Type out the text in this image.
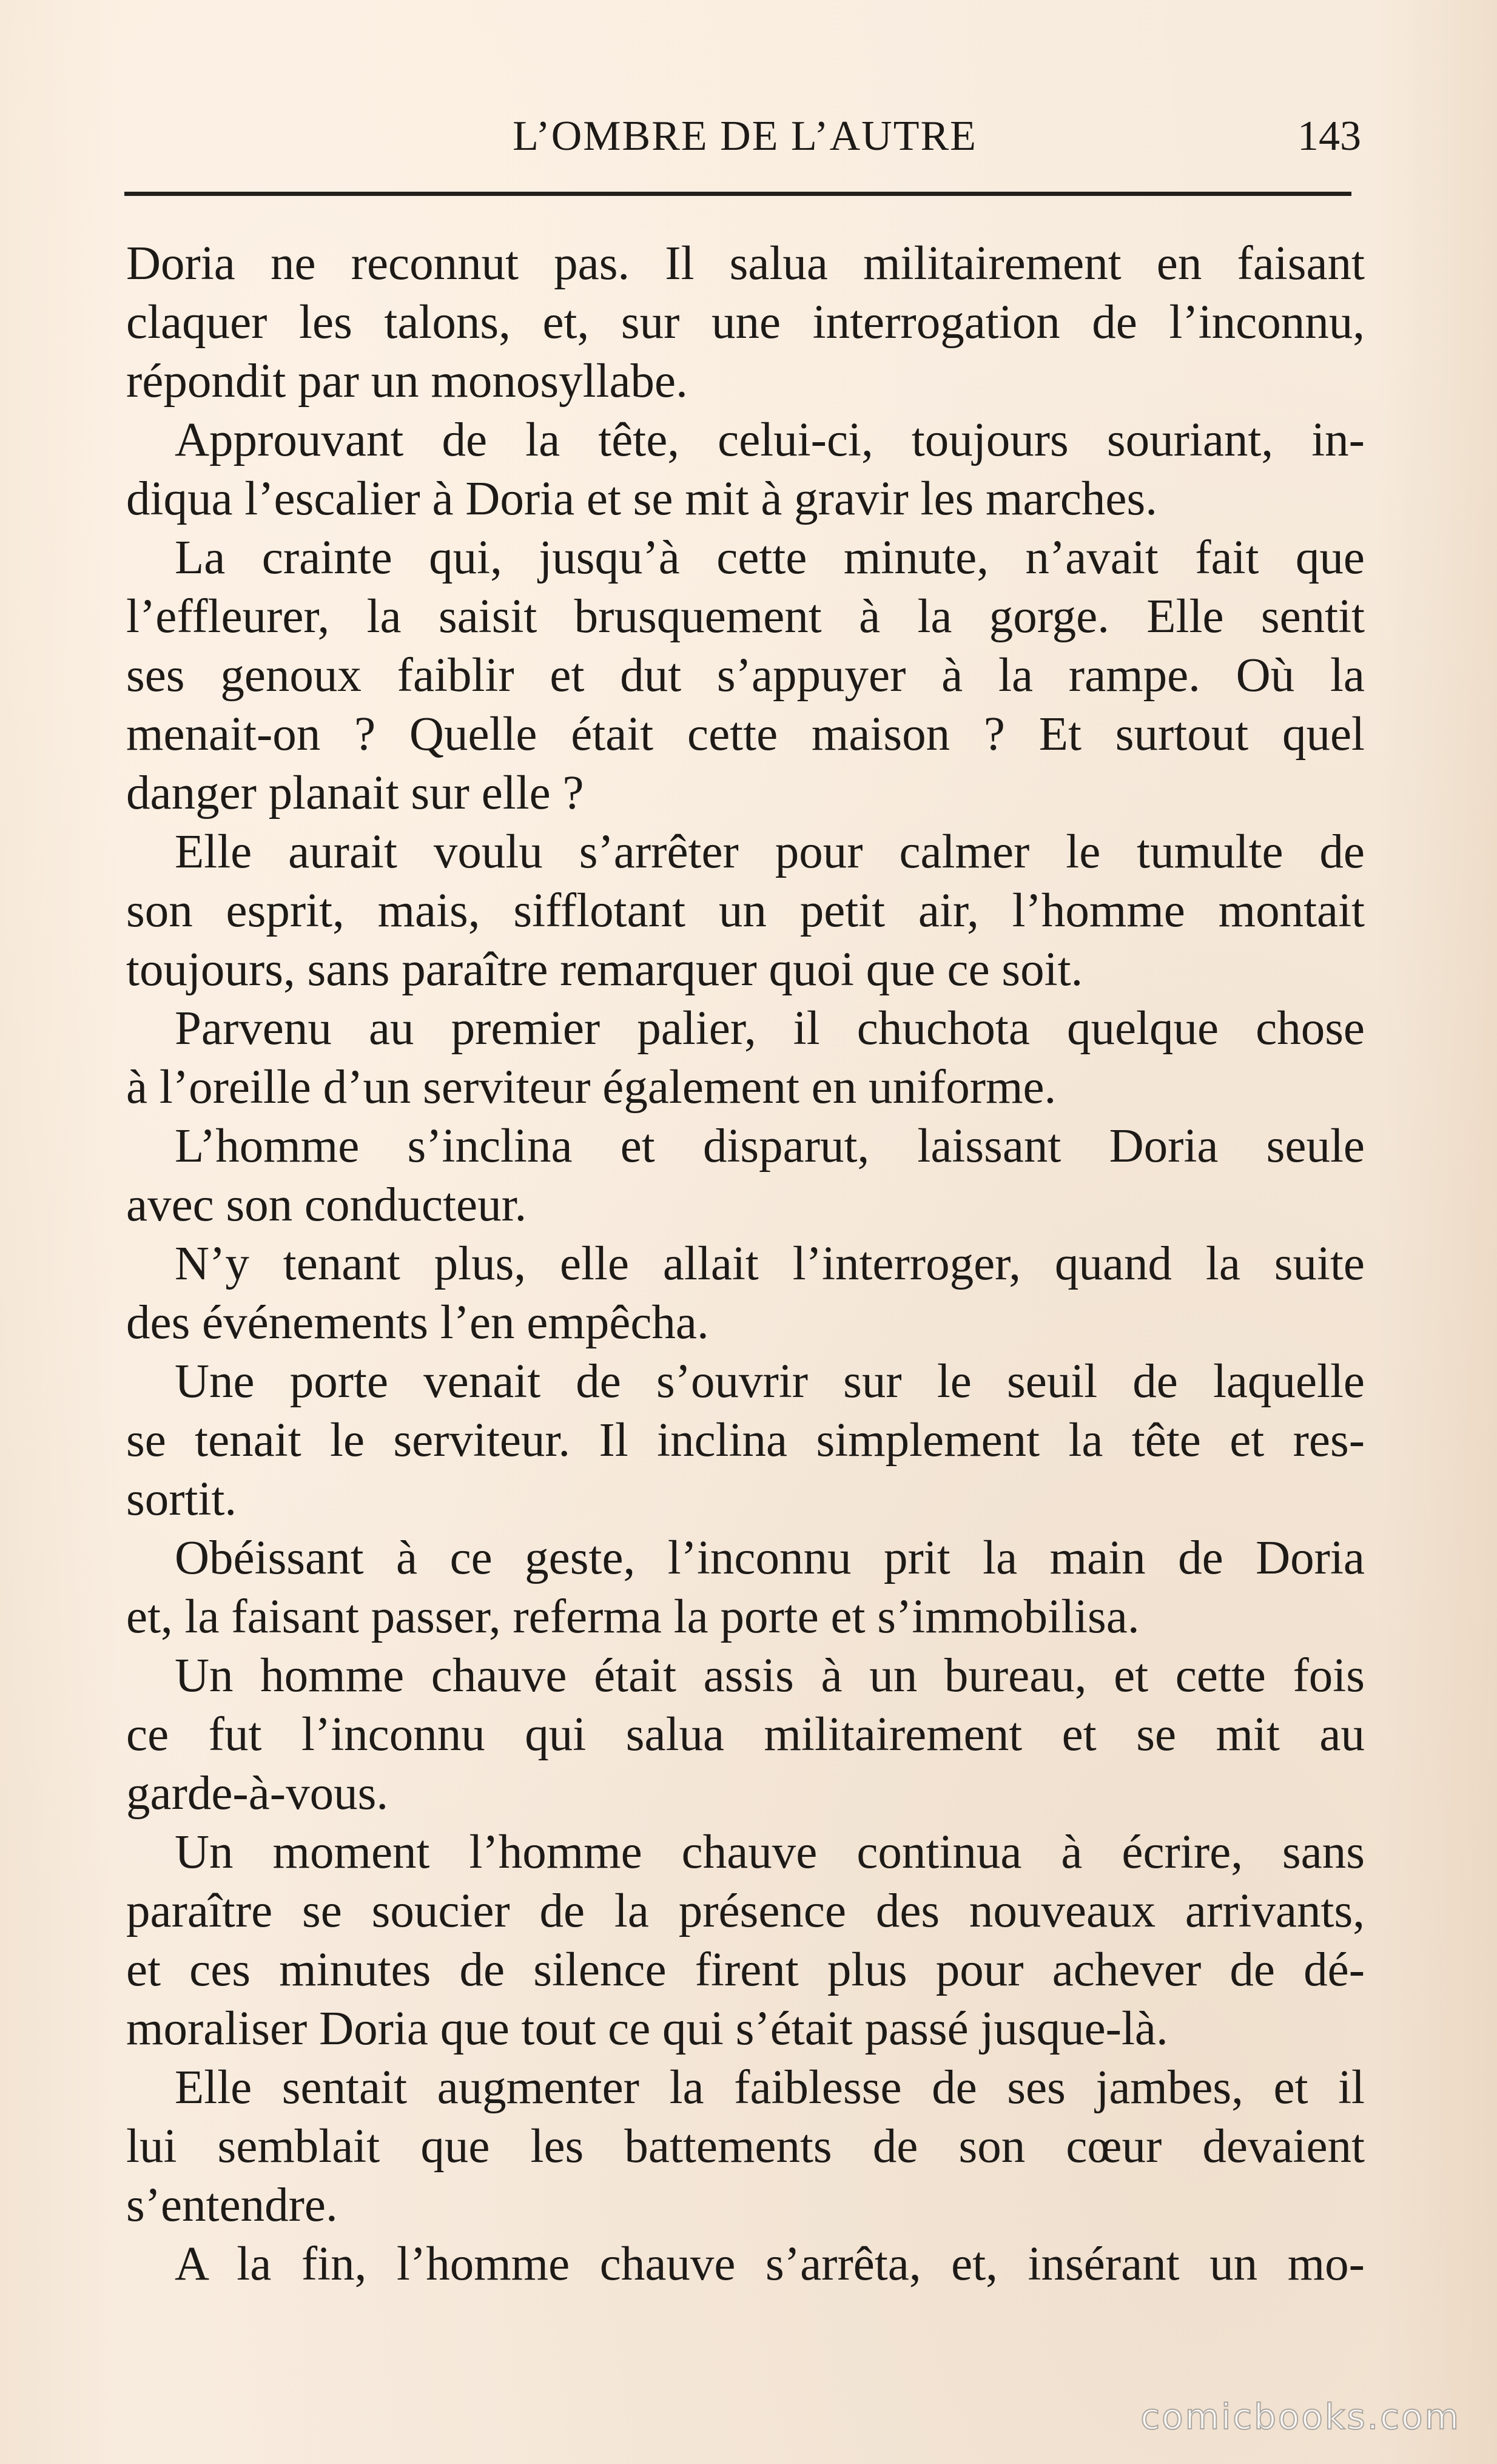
L’OMBRE DE L’AUTRE	143
Doria ne reconnut pas. Il salua militairement en faisant
claquer les talons, et, sur une interrogation de l’inconnu,
répondit par un monosyllabe.
Approuvant de la tête, celui-ci, toujours souriant, in-
diqua l’escalier à Doria et se mit à gravir les marches.
La crainte qui, jusqu’à cette minute, n’avait fait que
l’effleurer, la saisit brusquement à la gorge. Elle sentit
ses genoux faiblir et dut s’appuyer à la rampe. Où la
menait-on ? Quelle était cette maison ? Et surtout quel
danger planait sur elle ?
Elle aurait voulu s’arrêter pour calmer le tumulte de
son esprit, mais, sifflotant un petit air, l’homme montait
toujours, sans paraître remarquer quoi que ce soit.
Parvenu au premier palier, il chuchota quelque chose
à l’oreille d’un serviteur également en uniforme.
L’homme s’inclina et disparut, laissant Doria seule
avec son conducteur.
N’y tenant plus, elle allait l’interroger, quand la suite
des événements l’en empêcha.
Une porte venait de s’ouvrir sur le seuil de laquelle
se tenait le serviteur. Il inclina simplement la tête et res-
sortit.
Obéissant à ce geste, l’inconnu prit la main de Doria
et, la faisant passer, referma la porte et s’immobilisa.
Un homme chauve était assis à un bureau, et cette fois
ce fut l’inconnu qui salua militairement et se mit au
garde-à-vous.
Un moment l’homme chauve continua à écrire, sans
paraître se soucier de la présence des nouveaux arrivants,
et ces minutes de silence firent plus pour achever de dé-
moraliser Doria que tout ce qui s’était passé jusque-là.
Elle sentait augmenter la faiblesse de ses jambes, et il
lui semblait que les battements de son cœur devaient
s’entendre.
A la fin, l’homme chauve s’arrêta, et, insérant un mo-
comicbooks.com
